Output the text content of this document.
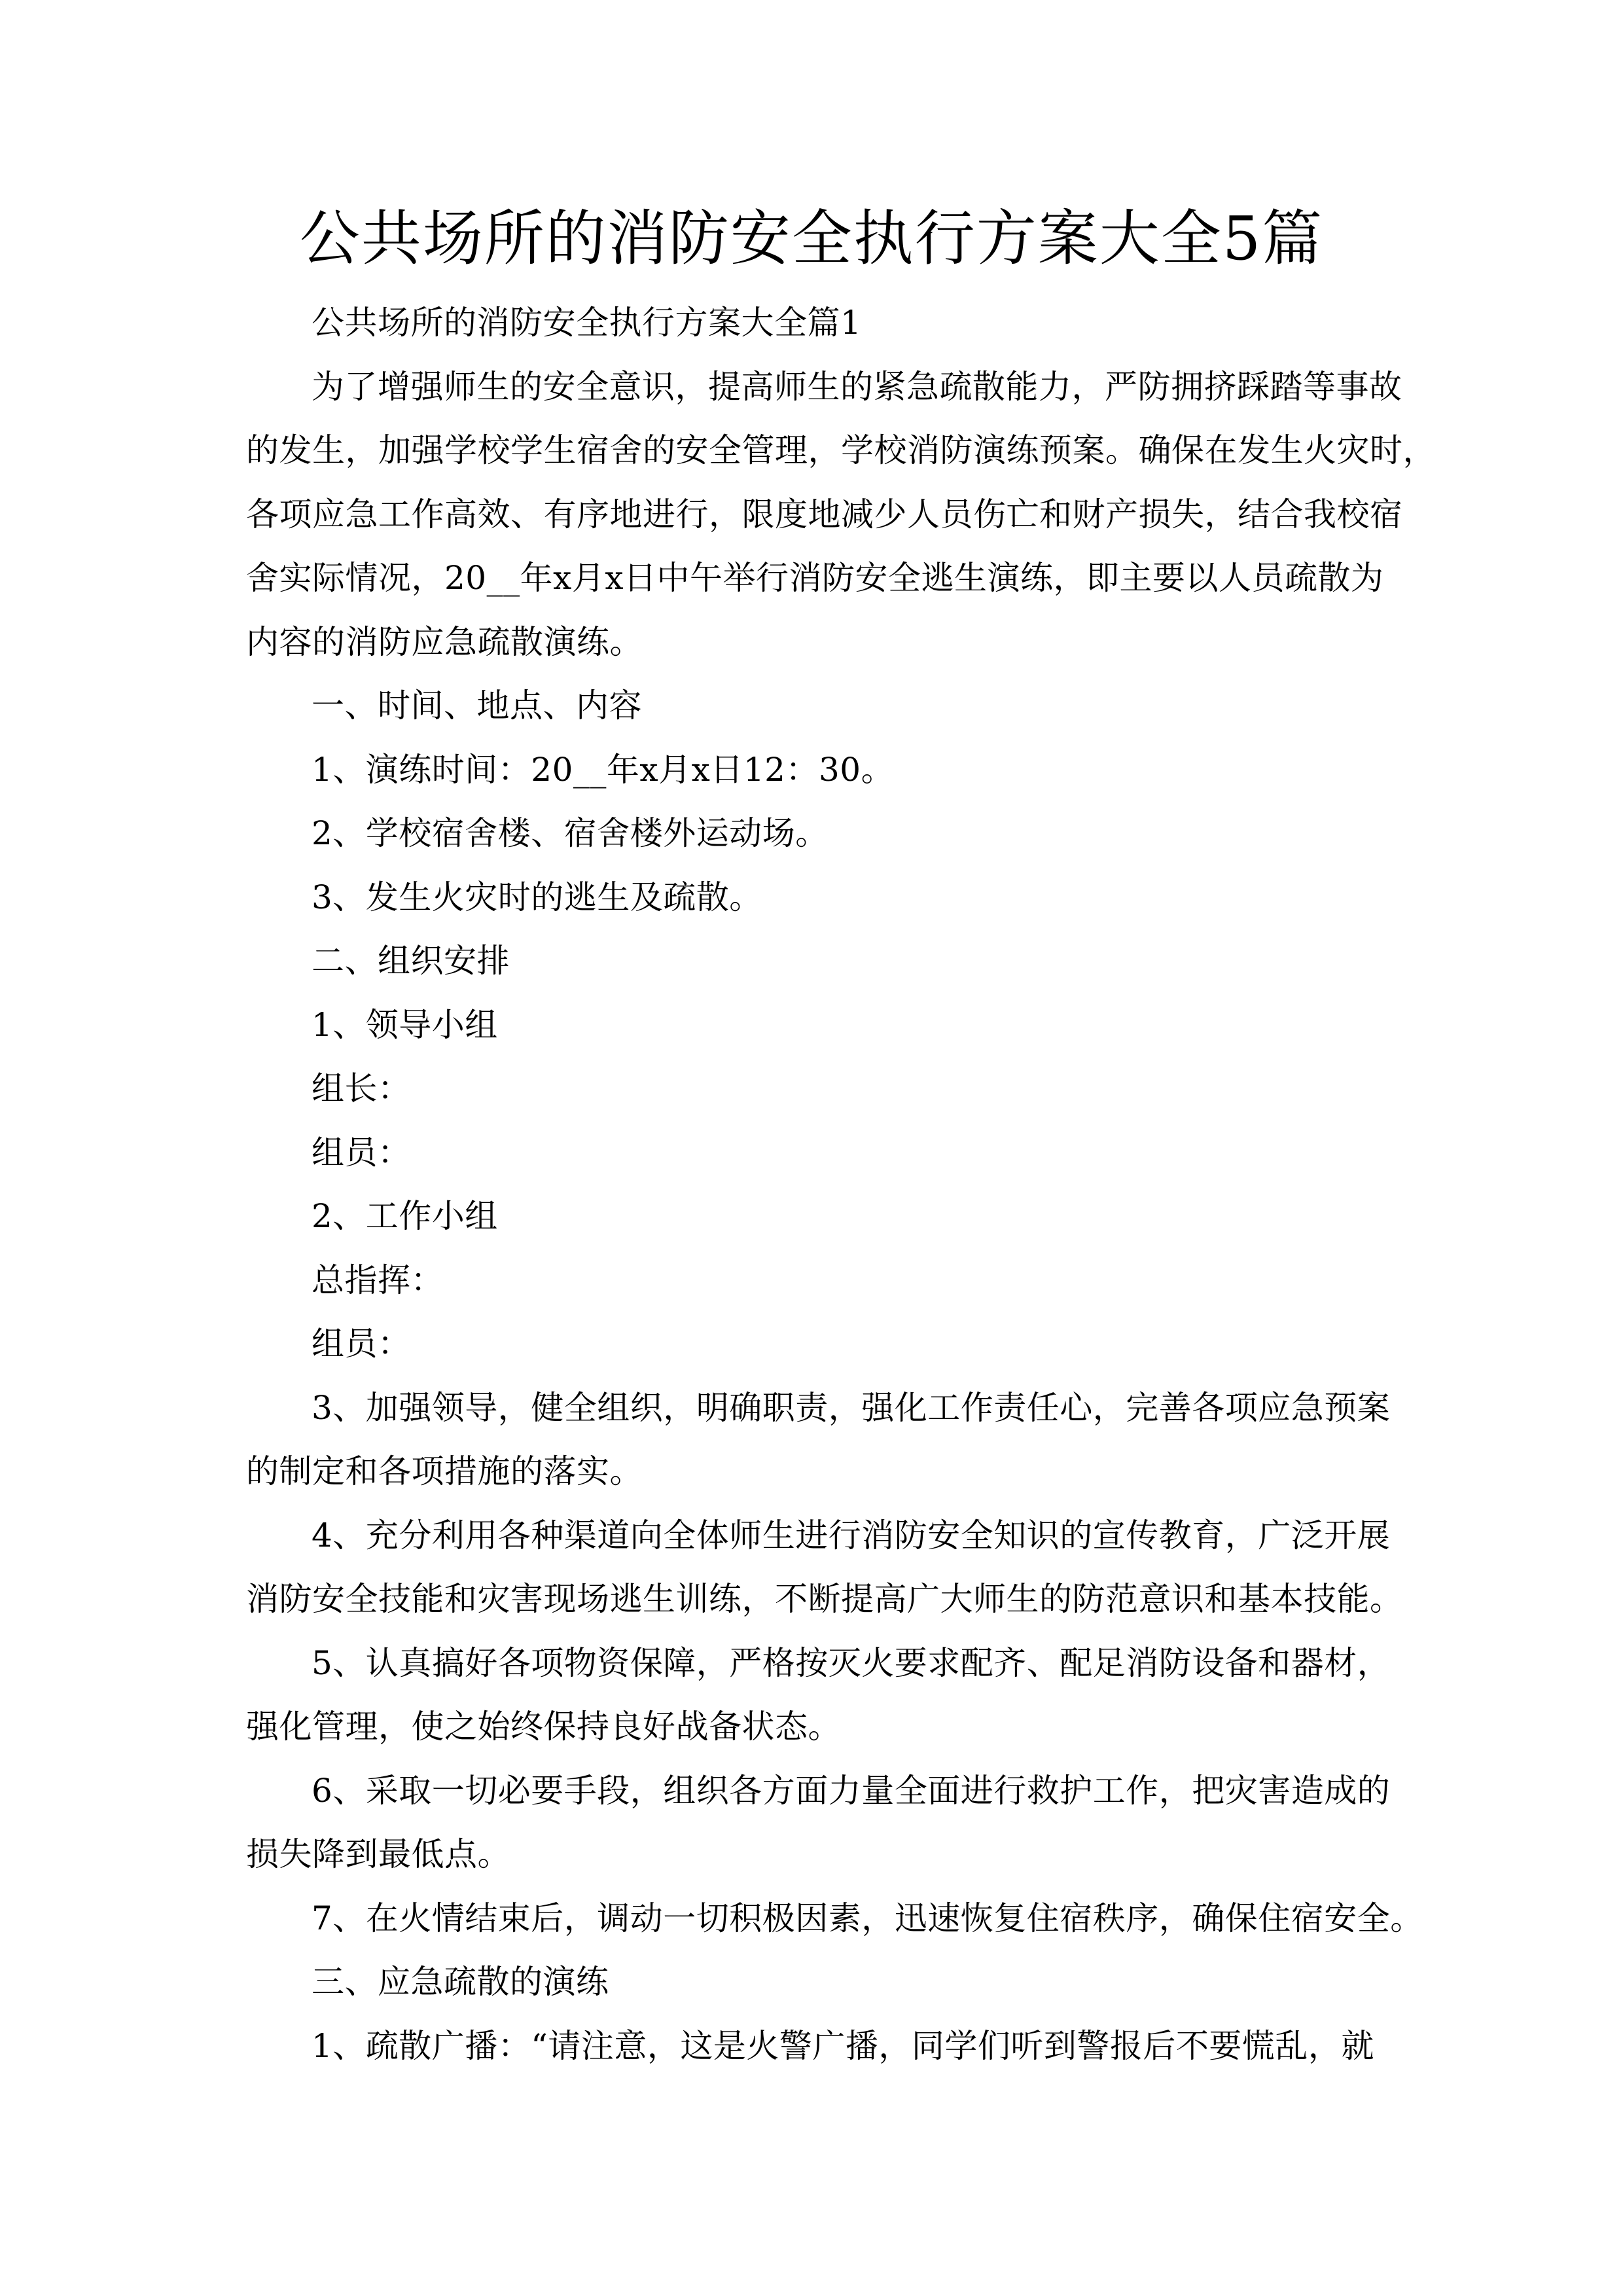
公共场所的消防安全执行方案大全5篇
公共场所的消防安全执行方案大全篇1
为了增强师生的安全意识，提高师生的紧急疏散能力，严防拥挤踩踏等事故
的发生，加强学校学生宿舍的安全管理，学校消防演练预案。确保在发生火灾时，
各项应急工作高效、有序地进行，限度地减少人员伤亡和财产损失，结合我校宿
舍实际情况，20__年x月x日中午举行消防安全逃生演练，即主要以人员疏散为
内容的消防应急疏散演练。
一、时间、地点、内容
1、演练时间：20__年x月x日12：30。
2、学校宿舍楼、宿舍楼外运动场。
3、发生火灾时的逃生及疏散。
二、组织安排
1、领导小组
组长：
组员：
2、工作小组
总指挥：
组员：
3、加强领导，健全组织，明确职责，强化工作责任心，完善各项应急预案
的制定和各项措施的落实。
4、充分利用各种渠道向全体师生进行消防安全知识的宣传教育，广泛开展
消防安全技能和灾害现场逃生训练，不断提高广大师生的防范意识和基本技能。
5、认真搞好各项物资保障，严格按灭火要求配齐、配足消防设备和器材，
强化管理，使之始终保持良好战备状态。
6、采取一切必要手段，组织各方面力量全面进行救护工作，把灾害造成的
损失降到最低点。
7、在火情结束后，调动一切积极因素，迅速恢复住宿秩序，确保住宿安全。
三、应急疏散的演练
1、疏散广播：“请注意，这是火警广播，同学们听到警报后不要慌乱，就
